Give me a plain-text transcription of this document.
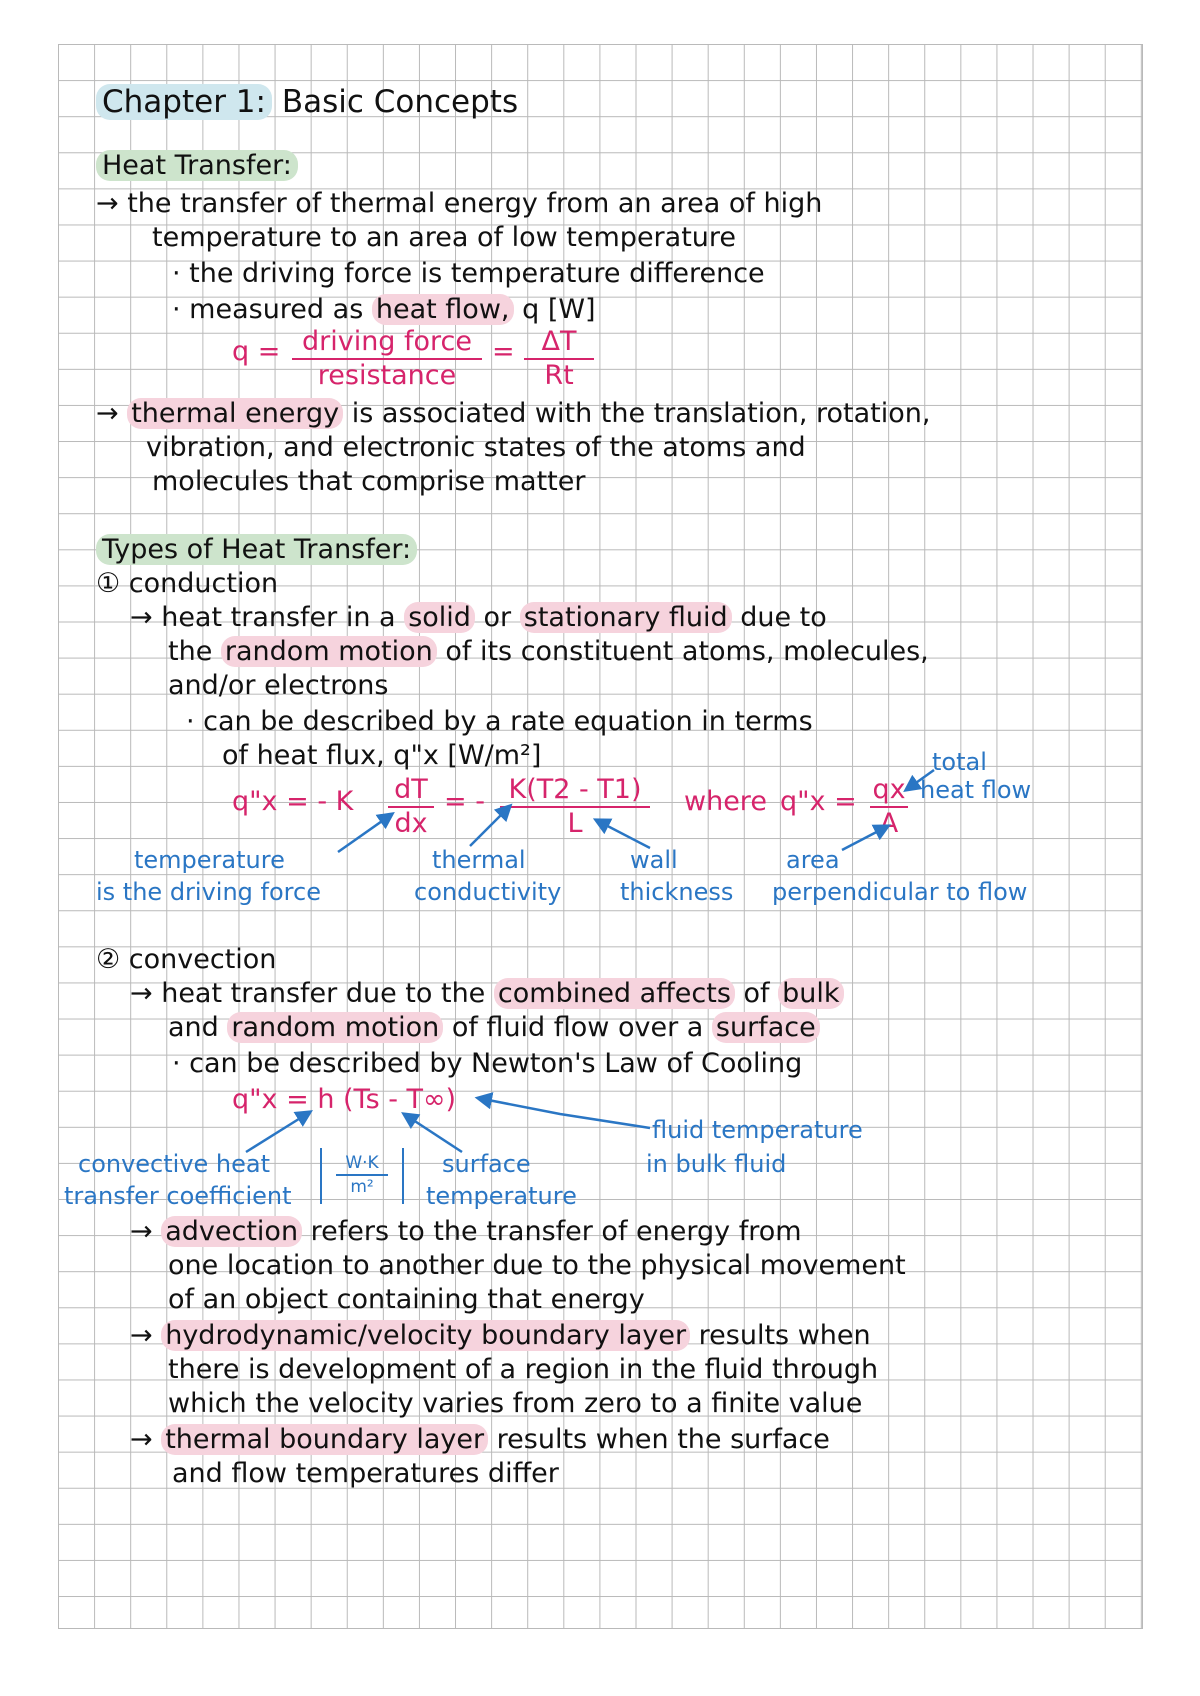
Chapter 1: Basic Concepts
Heat Transfer:
→ the transfer of thermal energy from an area of high
temperature to an area of low temperature
· the driving force is temperature difference
· measured as heat flow, q [W]
q = driving force
resistance
= $\frac{\Delta T}{Rt}$
→ thermal energy is associated with the translation, rotation,
vibration, and electronic states of the atoms and
molecules that comprise matter
Types of Heat Transfer:
① conduction
→ heat transfer in a solid or stationary fluid due to
the random motion of its constituent atoms, molecules,
and/or electrons
· can be described by a rate equation in terms
of heat flux, q"x [W/m²]
q"x = - K $\frac{dT}{dx}$ = - $\frac{K(T2 - T1)}{L}$ where q"x = $\frac{qx}{A}$
total
heat flow
temperature
is the driving force
thermal
conductivity
wall
thickness
area
perpendicular to flow
② convection
→ heat transfer due to the combined affects of bulk
and random motion of fluid flow over a surface
· can be described by Newton's Law of Cooling
q"x = h (Ts - T∞)
fluid temperature
in bulk fluid
convective heat
transfer coefficient $\frac{W\cdot K}{\text{m²}}$ surface
temperature
→ advection refers to the transfer of energy from
one location to another due to the physical movement
of an object containing that energy
→ hydrodynamic/velocity boundary layer results when
there is development of a region in the fluid through
which the velocity varies from zero to a finite value
→ thermal boundary layer results when the surface
and flow temperatures differ
